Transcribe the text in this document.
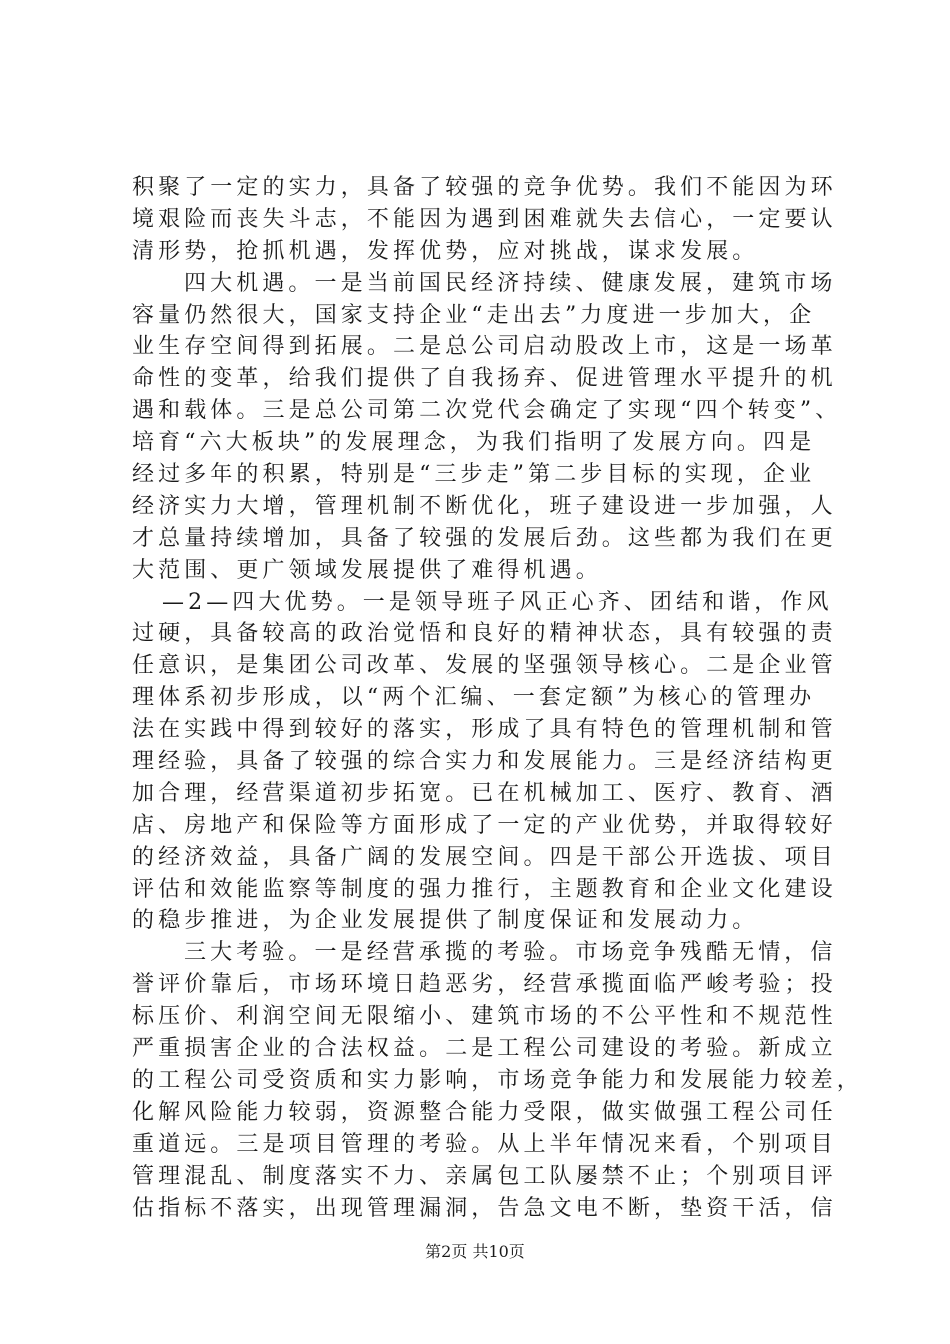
积聚了一定的实力，具备了较强的竞争优势。我们不能因为环
境艰险而丧失斗志，不能因为遇到困难就失去信心，一定要认
清形势，抢抓机遇，发挥优势，应对挑战，谋求发展。
四大机遇。一是当前国民经济持续、健康发展，建筑市场
容量仍然很大，国家支持企业“走出去”力度进一步加大，企
业生存空间得到拓展。二是总公司启动股改上市，这是一场革
命性的变革，给我们提供了自我扬弃、促进管理水平提升的机
遇和载体。三是总公司第二次党代会确定了实现“四个转变”、
培育“六大板块”的发展理念，为我们指明了发展方向。四是
经过多年的积累，特别是“三步走”第二步目标的实现，企业
经济实力大增，管理机制不断优化，班子建设进一步加强，人
才总量持续增加，具备了较强的发展后劲。这些都为我们在更
大范围、更广领域发展提供了难得机遇。
—2—四大优势。一是领导班子风正心齐、团结和谐，作风
过硬，具备较高的政治觉悟和良好的精神状态，具有较强的责
任意识，是集团公司改革、发展的坚强领导核心。二是企业管
理体系初步形成，以“两个汇编、一套定额”为核心的管理办
法在实践中得到较好的落实，形成了具有特色的管理机制和管
理经验，具备了较强的综合实力和发展能力。三是经济结构更
加合理，经营渠道初步拓宽。已在机械加工、医疗、教育、酒
店、房地产和保险等方面形成了一定的产业优势，并取得较好
的经济效益，具备广阔的发展空间。四是干部公开选拔、项目
评估和效能监察等制度的强力推行，主题教育和企业文化建设
的稳步推进，为企业发展提供了制度保证和发展动力。
三大考验。一是经营承揽的考验。市场竞争残酷无情，信
誉评价靠后，市场环境日趋恶劣，经营承揽面临严峻考验；投
标压价、利润空间无限缩小、建筑市场的不公平性和不规范性
严重损害企业的合法权益。二是工程公司建设的考验。新成立
的工程公司受资质和实力影响，市场竞争能力和发展能力较差，
化解风险能力较弱，资源整合能力受限，做实做强工程公司任
重道远。三是项目管理的考验。从上半年情况来看，个别项目
管理混乱、制度落实不力、亲属包工队屡禁不止；个别项目评
估指标不落实，出现管理漏洞，告急文电不断，垫资干活，信
第2页 共10页
